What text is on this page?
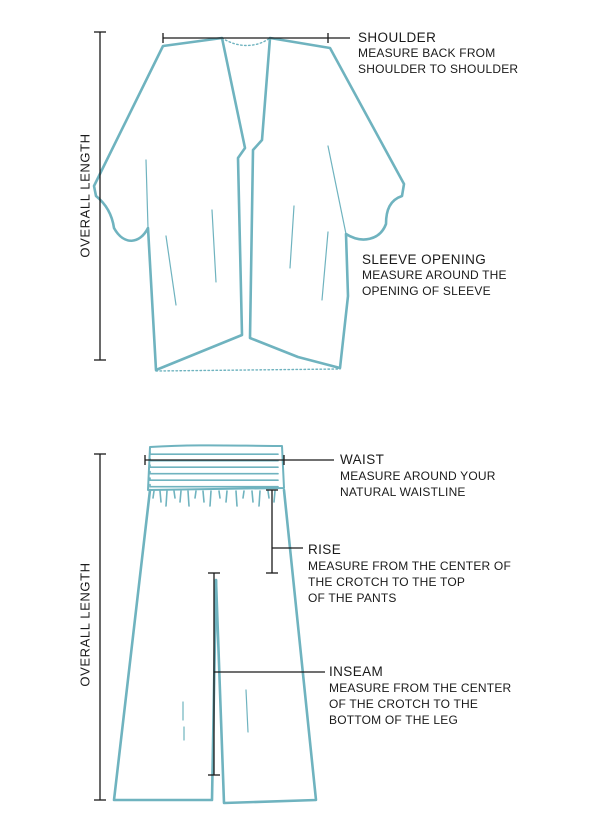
SHOULDER
MEASURE BACK FROM
SHOULDER TO SHOULDER
SLEEVE OPENING
MEASURE AROUND THE
OPENING OF SLEEVE
OVERALL LENGTH
WAIST
MEASURE AROUND YOUR
NATURAL WAISTLINE
RISE
MEASURE FROM THE CENTER OF
THE CROTCH TO THE TOP
OF THE PANTS
INSEAM
MEASURE FROM THE CENTER
OF THE CROTCH TO THE
BOTTOM OF THE LEG
OVERALL LENGTH
